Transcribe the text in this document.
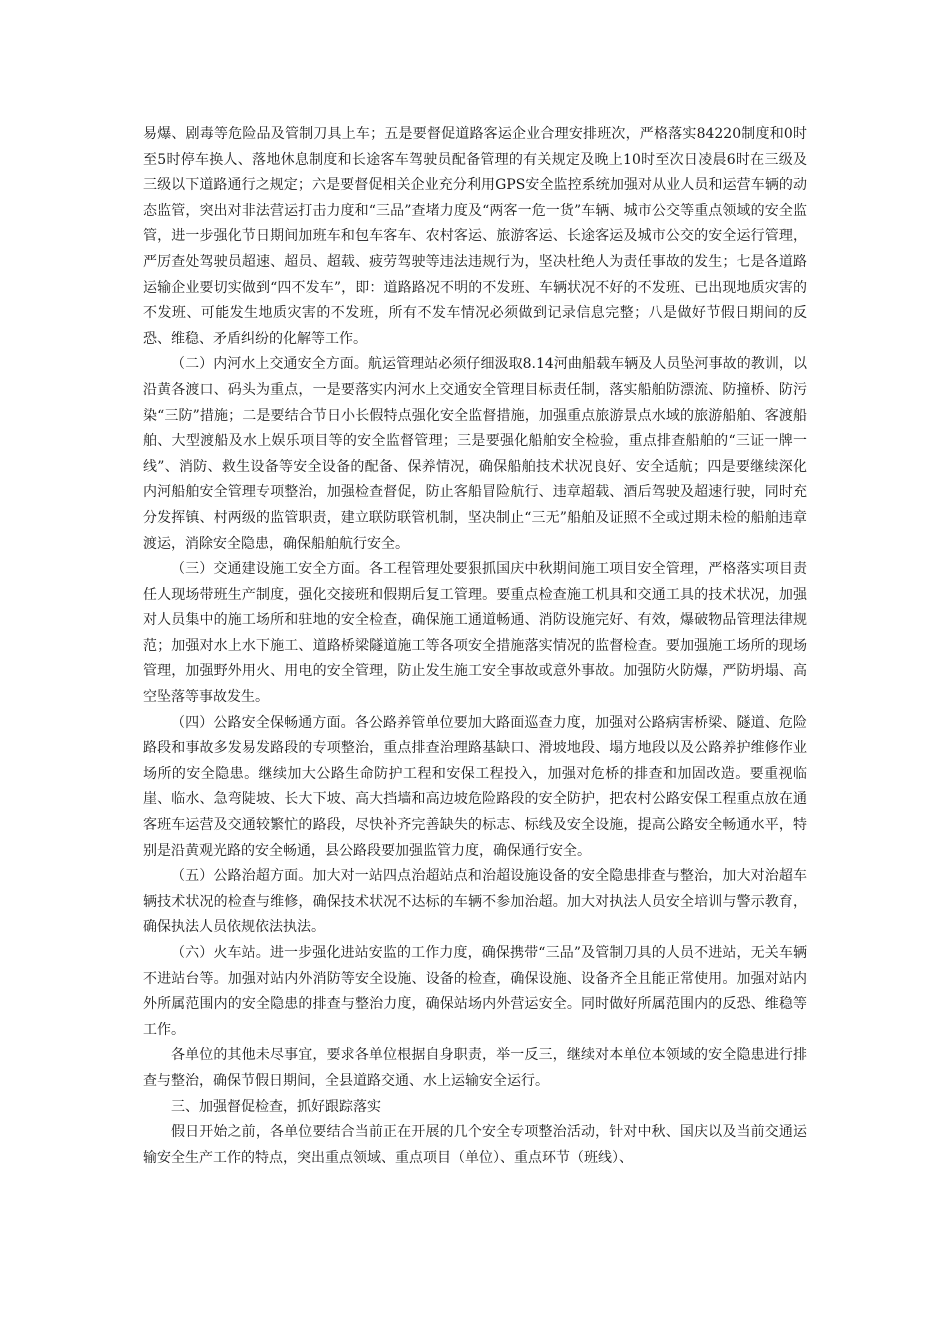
易爆、剧毒等危险品及管制刀具上车；五是要督促道路客运企业合理安排班次，严格落实84220制度和0时至5时停车换人、落地休息制度和长途客车驾驶员配备管理的有关规定及晚上10时至次日凌晨6时在三级及三级以下道路通行之规定；六是要督促相关企业充分利用GPS安全监控系统加强对从业人员和运营车辆的动态监管，突出对非法营运打击力度和“三品”查堵力度及“两客一危一货”车辆、城市公交等重点领域的安全监管，进一步强化节日期间加班车和包车客车、农村客运、旅游客运、长途客运及城市公交的安全运行管理，严厉查处驾驶员超速、超员、超载、疲劳驾驶等违法违规行为，坚决杜绝人为责任事故的发生；七是各道路运输企业要切实做到“四不发车”，即：道路路况不明的不发班、车辆状况不好的不发班、已出现地质灾害的不发班、可能发生地质灾害的不发班，所有不发车情况必须做到记录信息完整；八是做好节假日期间的反恐、维稳、矛盾纠纷的化解等工作。

（二）内河水上交通安全方面。航运管理站必须仔细汲取8.14河曲船载车辆及人员坠河事故的教训，以沿黄各渡口、码头为重点，一是要落实内河水上交通安全管理目标责任制，落实船舶防漂流、防撞桥、防污染“三防”措施；二是要结合节日小长假特点强化安全监督措施，加强重点旅游景点水域的旅游船舶、客渡船舶、大型渡船及水上娱乐项目等的安全监督管理；三是要强化船舶安全检验，重点排查船舶的“三证一牌一线”、消防、救生设备等安全设备的配备、保养情况，确保船舶技术状况良好、安全适航；四是要继续深化内河船舶安全管理专项整治，加强检查督促，防止客船冒险航行、违章超载、酒后驾驶及超速行驶，同时充分发挥镇、村两级的监管职责，建立联防联管机制，坚决制止“三无”船舶及证照不全或过期未检的船舶违章渡运，消除安全隐患，确保船舶航行安全。

（三）交通建设施工安全方面。各工程管理处要狠抓国庆中秋期间施工项目安全管理，严格落实项目责任人现场带班生产制度，强化交接班和假期后复工管理。要重点检查施工机具和交通工具的技术状况，加强对人员集中的施工场所和驻地的安全检查，确保施工通道畅通、消防设施完好、有效，爆破物品管理法律规范；加强对水上水下施工、道路桥梁隧道施工等各项安全措施落实情况的监督检查。要加强施工场所的现场管理，加强野外用火、用电的安全管理，防止发生施工安全事故或意外事故。加强防火防爆，严防坍塌、高空坠落等事故发生。

（四）公路安全保畅通方面。各公路养管单位要加大路面巡查力度，加强对公路病害桥梁、隧道、危险路段和事故多发易发路段的专项整治，重点排查治理路基缺口、滑坡地段、塌方地段以及公路养护维修作业场所的安全隐患。继续加大公路生命防护工程和安保工程投入，加强对危桥的排查和加固改造。要重视临崖、临水、急弯陡坡、长大下坡、高大挡墙和高边坡危险路段的安全防护，把农村公路安保工程重点放在通客班车运营及交通较繁忙的路段，尽快补齐完善缺失的标志、标线及安全设施，提高公路安全畅通水平，特别是沿黄观光路的安全畅通，县公路段要加强监管力度，确保通行安全。

（五）公路治超方面。加大对一站四点治超站点和治超设施设备的安全隐患排查与整治，加大对治超车辆技术状况的检查与维修，确保技术状况不达标的车辆不参加治超。加大对执法人员安全培训与警示教育，确保执法人员依规依法执法。

（六）火车站。进一步强化进站安监的工作力度，确保携带“三品”及管制刀具的人员不进站，无关车辆不进站台等。加强对站内外消防等安全设施、设备的检查，确保设施、设备齐全且能正常使用。加强对站内外所属范围内的安全隐患的排查与整治力度，确保站场内外营运安全。同时做好所属范围内的反恐、维稳等工作。

各单位的其他未尽事宜，要求各单位根据自身职责，举一反三，继续对本单位本领域的安全隐患进行排查与整治，确保节假日期间，全县道路交通、水上运输安全运行。

三、加强督促检查，抓好跟踪落实

假日开始之前，各单位要结合当前正在开展的几个安全专项整治活动，针对中秋、国庆以及当前交通运输安全生产工作的特点，突出重点领域、重点项目（单位）、重点环节（班线）、
